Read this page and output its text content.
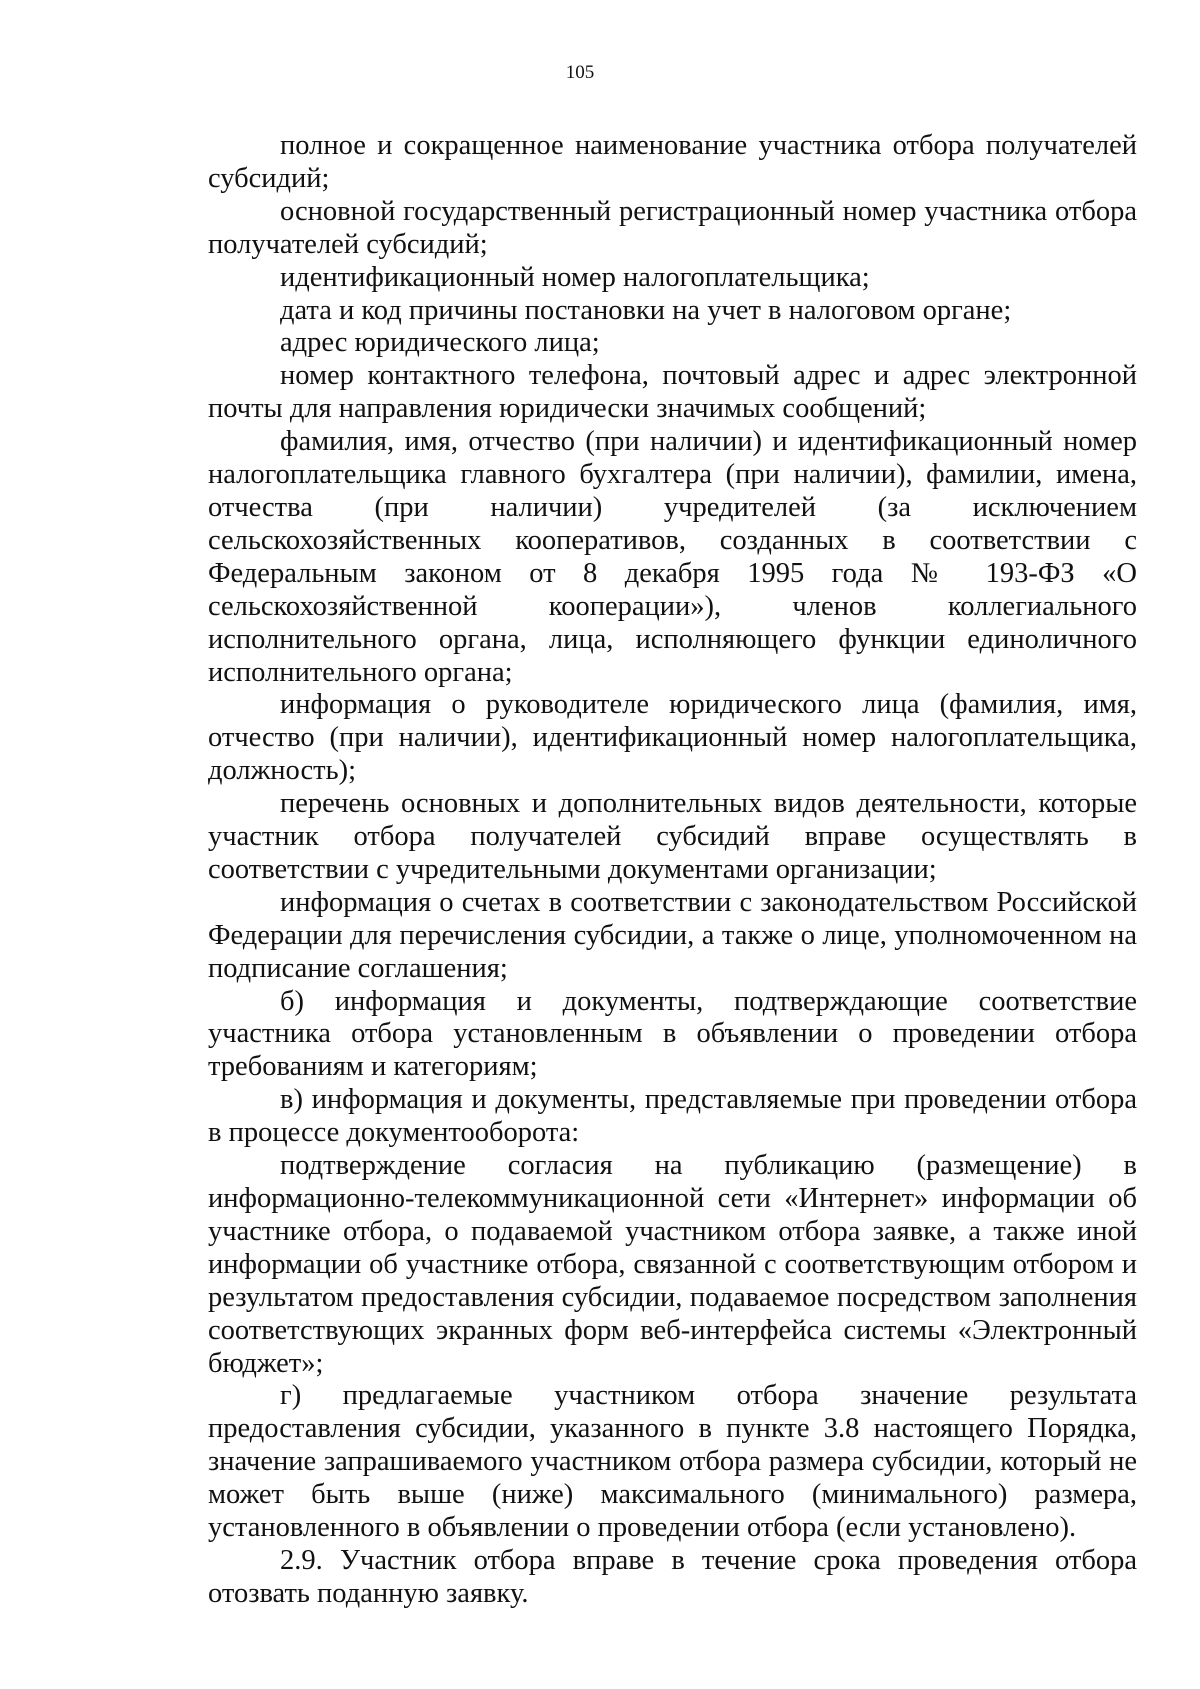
105

полное и сокращенное наименование участника отбора получателей субсидий;

основной государственный регистрационный номер участника отбора получателей субсидий;

идентификационный номер налогоплательщика;

дата и код причины постановки на учет в налоговом органе;

адрес юридического лица;

номер контактного телефона, почтовый адрес и адрес электронной почты для направления юридически значимых сообщений;

фамилия, имя, отчество (при наличии) и идентификационный номер налогоплательщика главного бухгалтера (при наличии), фамилии, имена, отчества (при наличии) учредителей (за исключением сельскохозяйственных кооперативов, созданных в соответствии с Федеральным законом от 8 декабря 1995 года № 193-ФЗ «О сельскохозяйственной кооперации»), членов коллегиального исполнительного органа, лица, исполняющего функции единоличного исполнительного органа;

информация о руководителе юридического лица (фамилия, имя, отчество (при наличии), идентификационный номер налогоплательщика, должность);

перечень основных и дополнительных видов деятельности, которые участник отбора получателей субсидий вправе осуществлять в соответствии с учредительными документами организации;

информация о счетах в соответствии с законодательством Российской Федерации для перечисления субсидии, а также о лице, уполномоченном на подписание соглашения;

б) информация и документы, подтверждающие соответствие участника отбора установленным в объявлении о проведении отбора требованиям и категориям;

в) информация и документы, представляемые при проведении отбора в процессе документооборота:

подтверждение согласия на публикацию (размещение) в информационно-телекоммуникационной сети «Интернет» информации об участнике отбора, о подаваемой участником отбора заявке, а также иной информации об участнике отбора, связанной с соответствующим отбором и результатом предоставления субсидии, подаваемое посредством заполнения соответствующих экранных форм веб-интерфейса системы «Электронный бюджет»;

г) предлагаемые участником отбора значение результата предоставления субсидии, указанного в пункте 3.8 настоящего Порядка, значение запрашиваемого участником отбора размера субсидии, который не может быть выше (ниже) максимального (минимального) размера, установленного в объявлении о проведении отбора (если установлено).

2.9. Участник отбора вправе в течение срока проведения отбора отозвать поданную заявку.
